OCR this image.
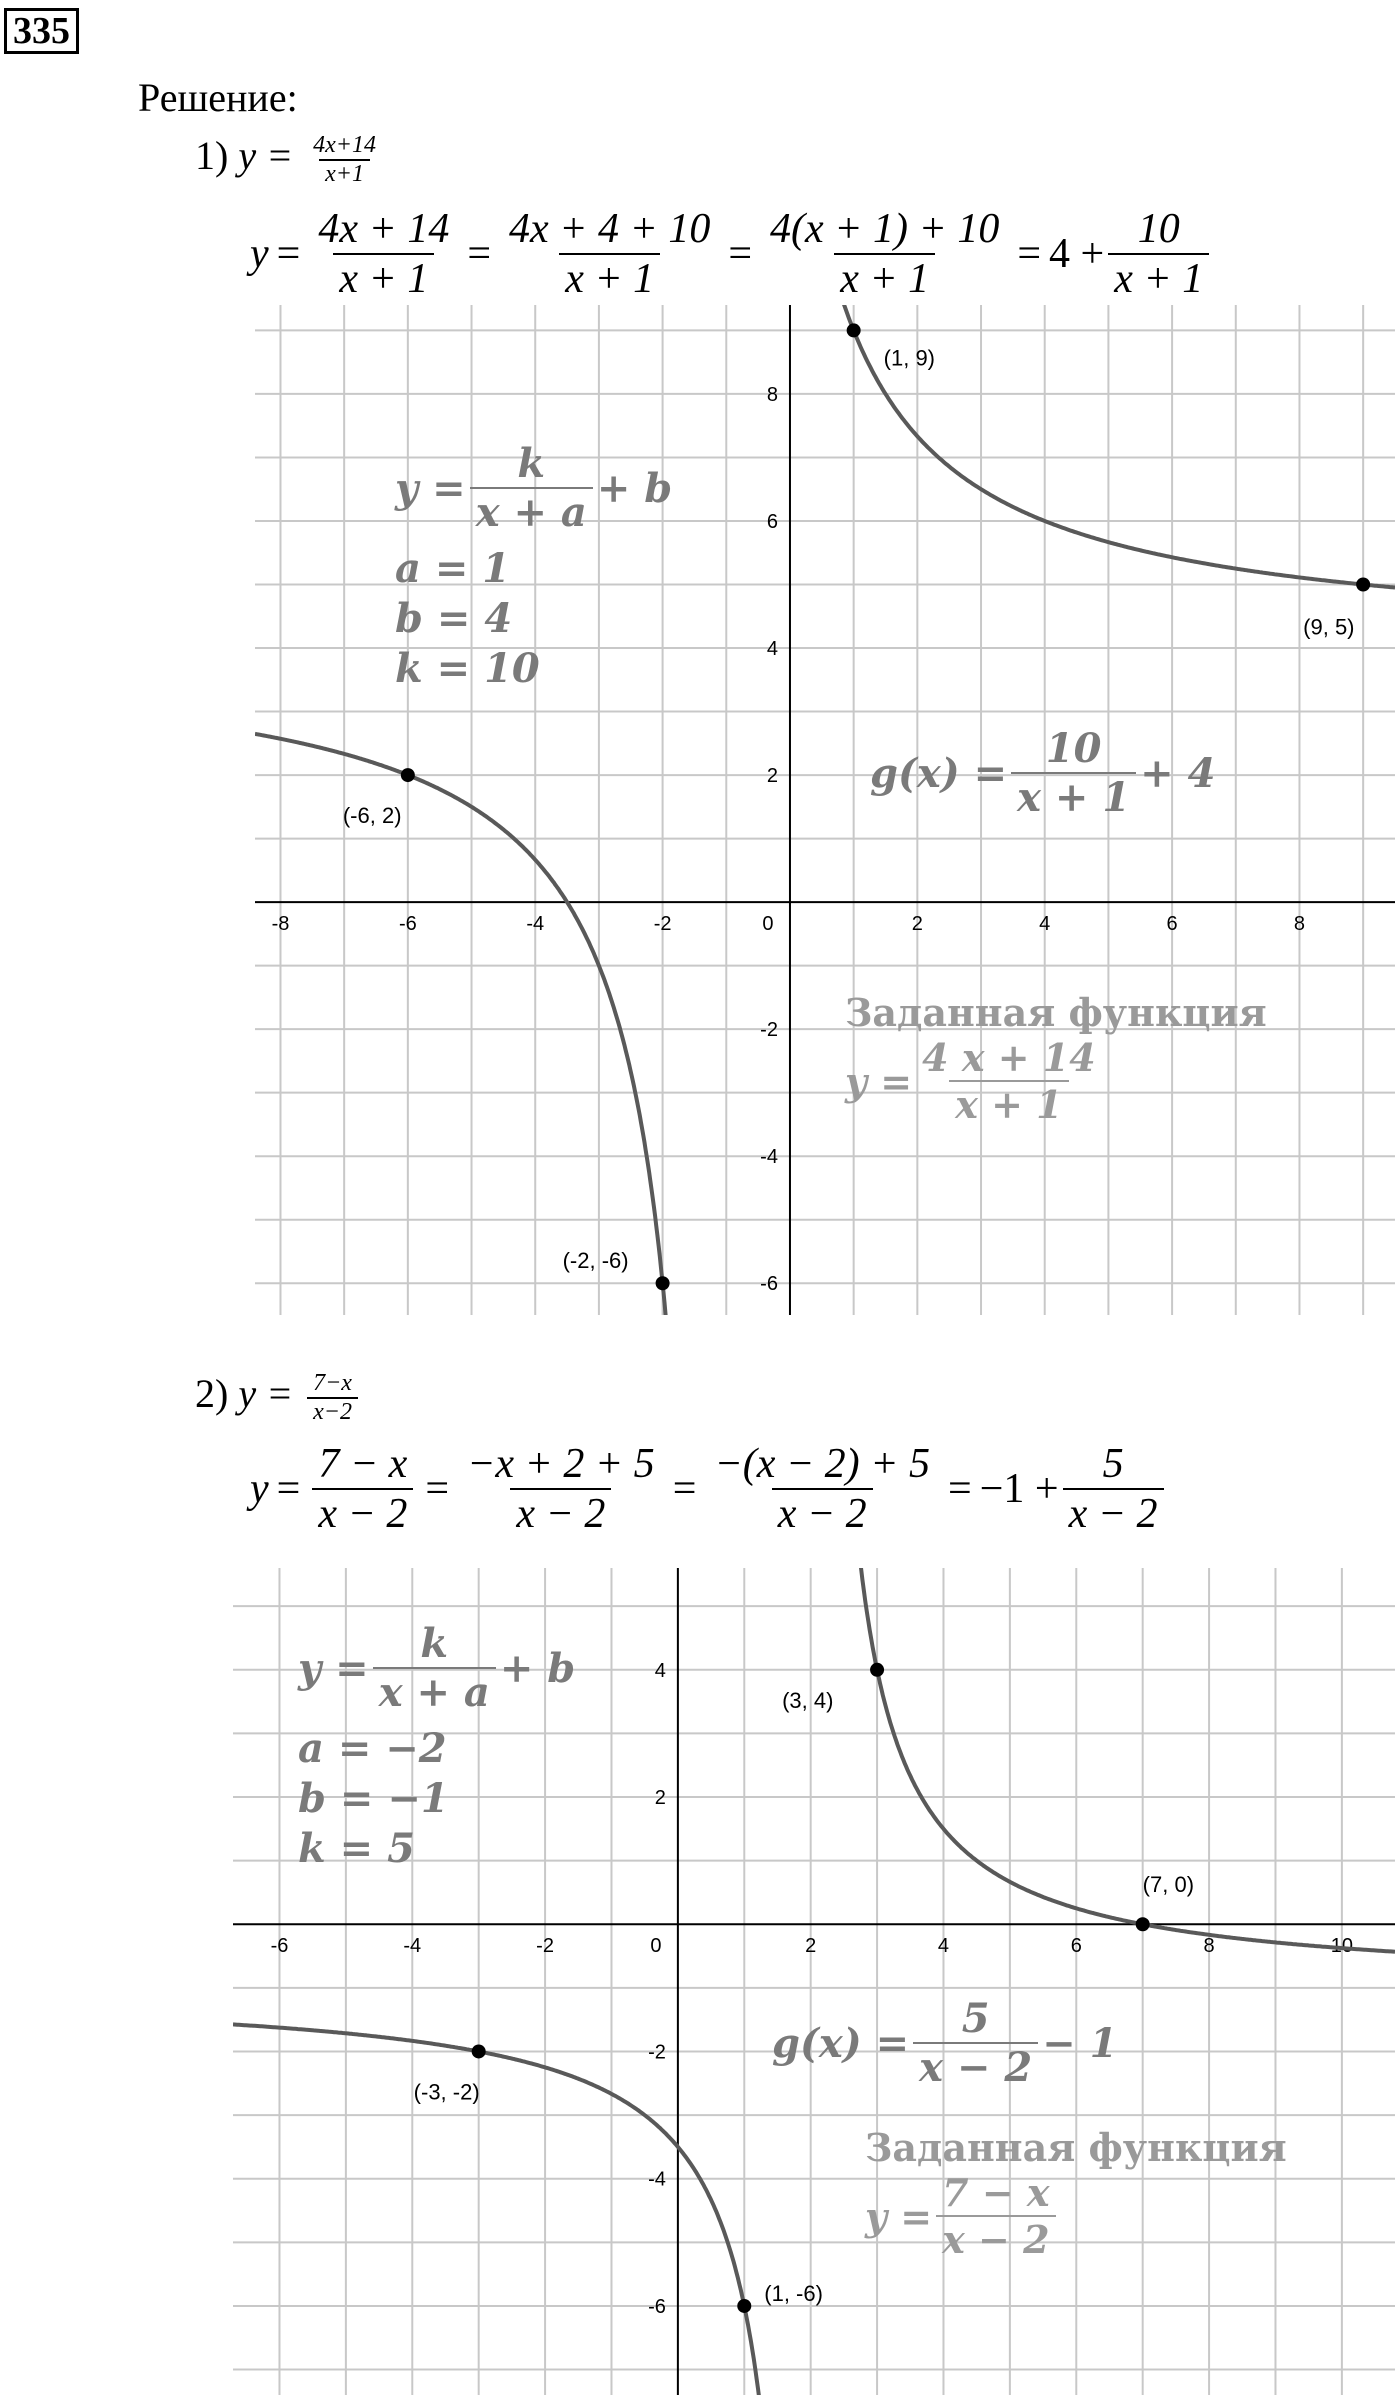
335
Решение:
1) $y = \frac{4x+14}{x+1}$
$y = \frac{4x + 14}{x + 1} = \frac{4x + 4 + 10}{x + 1} = \frac{4(x + 1) + 10}{x + 1} = 4 + \frac{10}{x + 1}$
-8	-6	-4	-2	0	2	4	6	8
8
6
4
2
-2
-4
-6
(1, 9)
(9, 5)
(-6, 2)
(-2, -6)
$y = \frac{k}{x + a} + b$
a = 1
b = 4
k = 10
$g(x) = \frac{10}{x + 1} + 4$
Заданная функция
$y = \frac{4 x + 14}{x + 1}$
2) $y = \frac{7-x}{x-2}$
$y = \frac{7 - x}{x - 2} = \frac{-x + 2 + 5}{x - 2} = \frac{-(x - 2) + 5}{x - 2} = -1 + \frac{5}{x - 2}$
-6	-4	-2	0	2	4	6	8	10
4
2
-2
-4
-6
(3, 4)
(7, 0)
(-3, -2)
(1, -6)
$y = \frac{k}{x + a} + b$
a = −2
b = −1
k = 5
$g(x) = \frac{5}{x - 2} - 1$
Заданная функция
$y = \frac{7 - x}{x - 2}$
